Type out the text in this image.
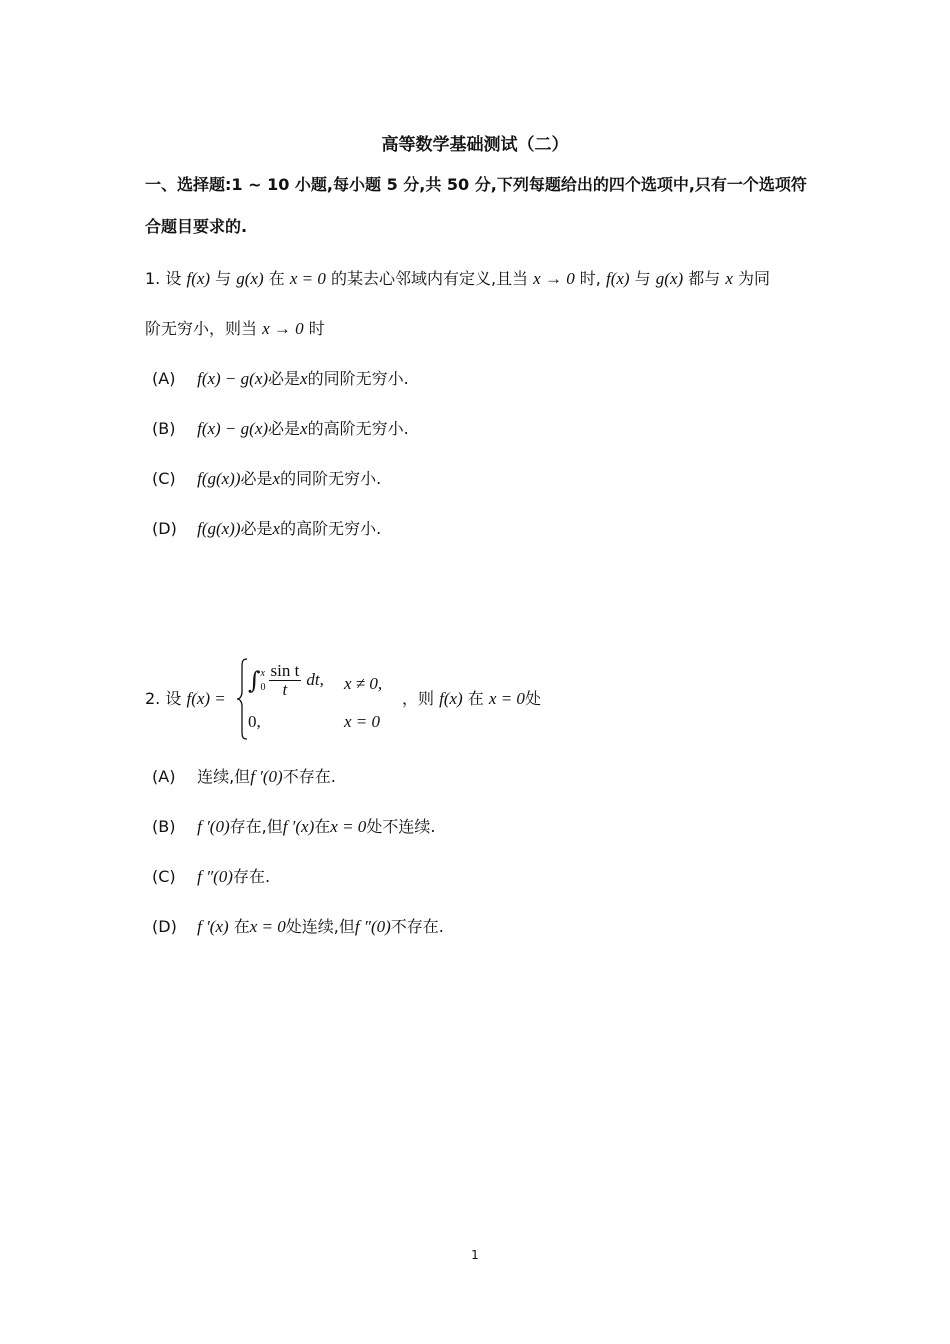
高等数学基础测试（二）
一、选择题:1 ~ 10 小题,每小题 5 分,共 50 分,下列每题给出的四个选项中,只有一个选项符
合题目要求的.
1. 设 f(x) 与 g(x) 在 x = 0 的某去心邻域内有定义,且当 x → 0 时, f(x) 与 g(x) 都与 x 为同
阶无穷小，则当 x → 0 时
(A) f(x) − g(x)必是x的同阶无穷小.
(B) f(x) − g(x)必是x的高阶无穷小.
(C) f(g(x))必是x的同阶无穷小.
(D) f(g(x))必是x的高阶无穷小.
2. 设 f(x) =
∫ x
$0 \frac{\text{sin t}}{t}$ dt, x ≠ 0,
0,	x = 0
，则 f(x) 在 x = 0处
(A) 连续,但f ′(0)不存在.
(B) f ′(0)存在,但f ′(x)在x = 0处不连续.
(C) f ″(0)存在.
(D) f ′(x) 在x = 0处连续,但f ″(0)不存在.
1
